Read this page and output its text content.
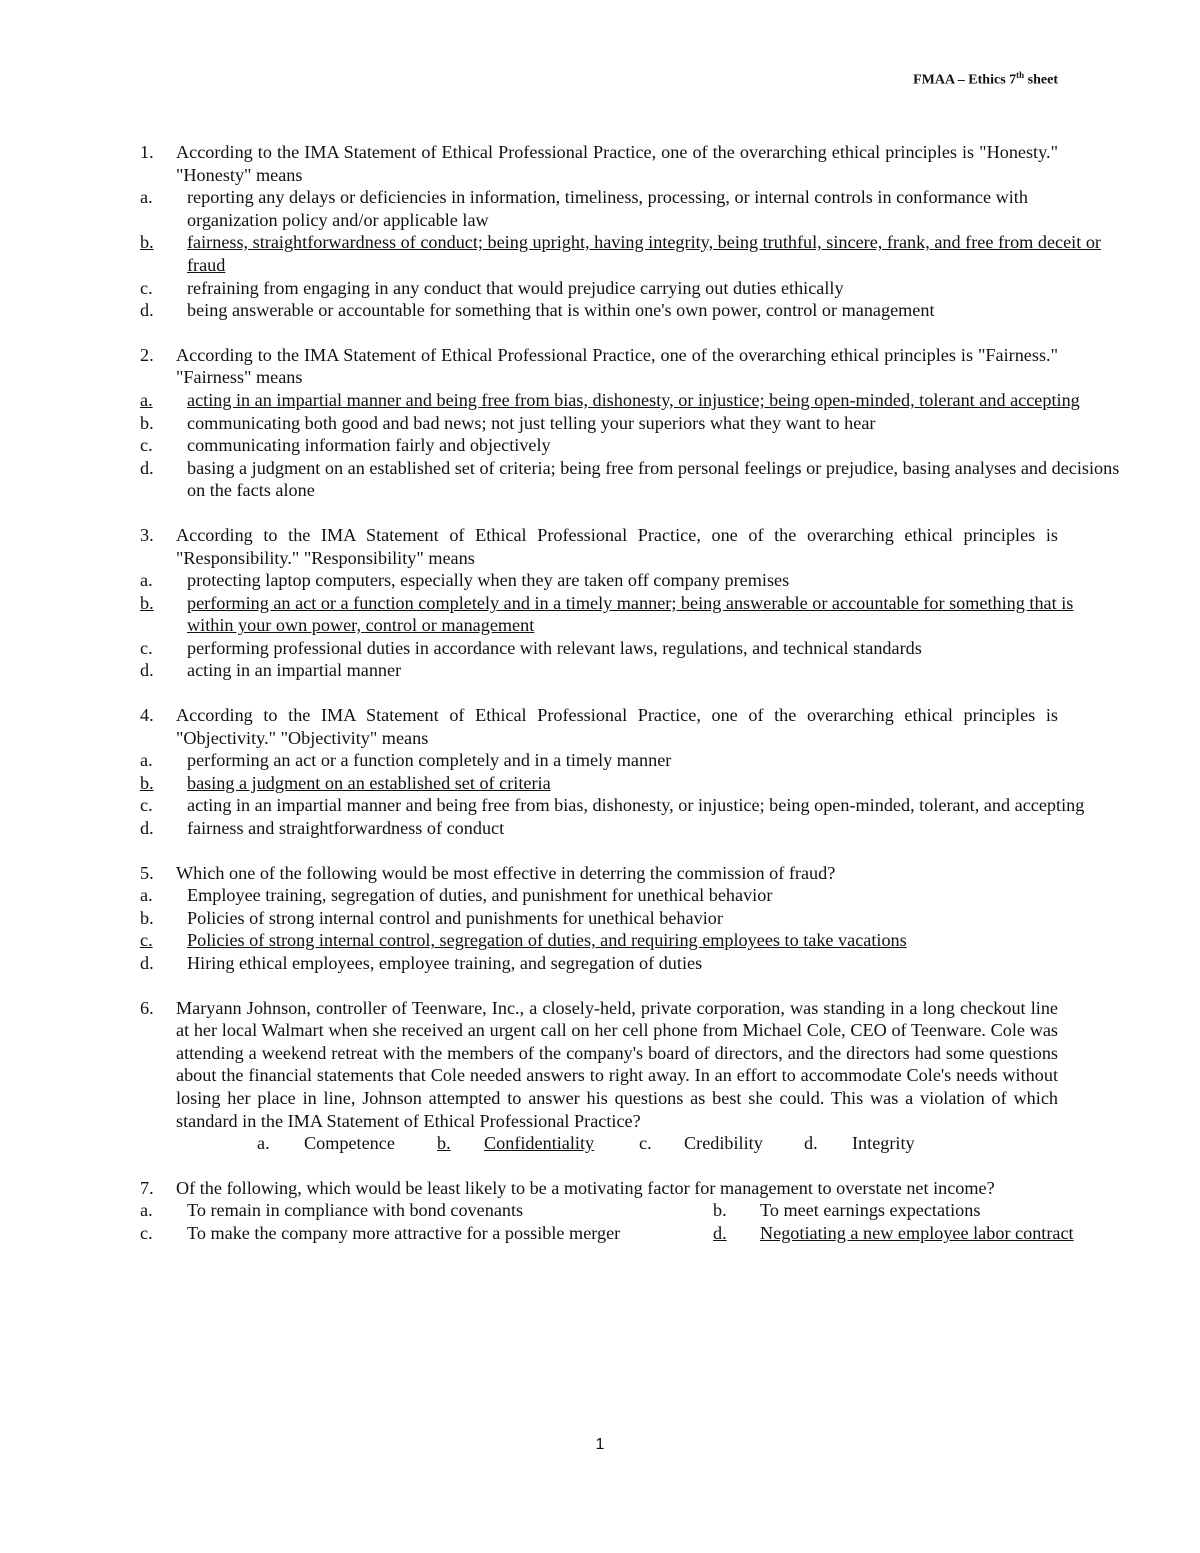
FMAA – Ethics 7th sheet
1.	According to the IMA Statement of Ethical Professional Practice, one of the overarching ethical principles is "Honesty." "Honesty" means
a.	reporting any delays or deficiencies in information, timeliness, processing, or internal controls in conformance with organization policy and/or applicable law
b.	fairness, straightforwardness of conduct; being upright, having integrity, being truthful, sincere, frank, and free from deceit or fraud
c.	refraining from engaging in any conduct that would prejudice carrying out duties ethically
d.	being answerable or accountable for something that is within one's own power, control or management
2.	According to the IMA Statement of Ethical Professional Practice, one of the overarching ethical principles is "Fairness." "Fairness" means
a.	acting in an impartial manner and being free from bias, dishonesty, or injustice; being open-minded, tolerant and accepting
b.	communicating both good and bad news; not just telling your superiors what they want to hear
c.	communicating information fairly and objectively
d.	basing a judgment on an established set of criteria; being free from personal feelings or prejudice, basing analyses and decisions on the facts alone
3.	According to the IMA Statement of Ethical Professional Practice, one of the overarching ethical principles is "Responsibility." "Responsibility" means
a.	protecting laptop computers, especially when they are taken off company premises
b.	performing an act or a function completely and in a timely manner; being answerable or accountable for something that is within your own power, control or management
c.	performing professional duties in accordance with relevant laws, regulations, and technical standards
d.	acting in an impartial manner
4.	According to the IMA Statement of Ethical Professional Practice, one of the overarching ethical principles is "Objectivity." "Objectivity" means
a.	performing an act or a function completely and in a timely manner
b.	basing a judgment on an established set of criteria
c.	acting in an impartial manner and being free from bias, dishonesty, or injustice; being open-minded, tolerant, and accepting
d.	fairness and straightforwardness of conduct
5.	Which one of the following would be most effective in deterring the commission of fraud?
a.	Employee training, segregation of duties, and punishment for unethical behavior
b.	Policies of strong internal control and punishments for unethical behavior
c.	Policies of strong internal control, segregation of duties, and requiring employees to take vacations
d.	Hiring ethical employees, employee training, and segregation of duties
6.	Maryann Johnson, controller of Teenware, Inc., a closely-held, private corporation, was standing in a long checkout line at her local Walmart when she received an urgent call on her cell phone from Michael Cole, CEO of Teenware. Cole was attending a weekend retreat with the members of the company's board of directors, and the directors had some questions about the financial statements that Cole needed answers to right away. In an effort to accommodate Cole's needs without losing her place in line, Johnson attempted to answer his questions as best she could. This was a violation of which standard in the IMA Statement of Ethical Professional Practice?
a.	Competence	b.	Confidentiality	c.	Credibility	d.	Integrity
7.	Of the following, which would be least likely to be a motivating factor for management to overstate net income?
a.	To remain in compliance with bond covenants	b.	To meet earnings expectations
c.	To make the company more attractive for a possible merger	d.	Negotiating a new employee labor contract
1
